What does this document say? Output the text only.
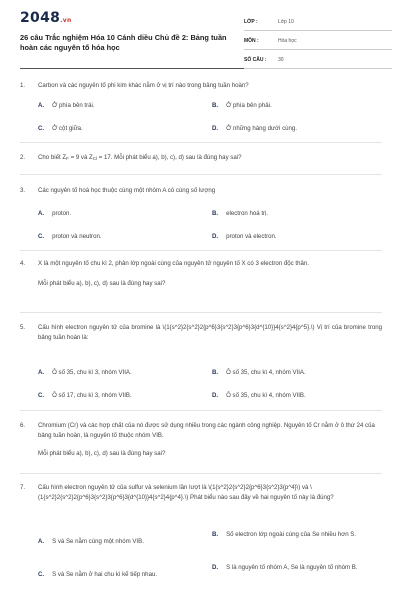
2048.vn
26 câu Trắc nghiệm Hóa 10 Cánh diều Chủ đề 2: Bảng tuần hoàn các nguyên tố hóa học
LỚP :	Lớp 10
MÔN :	Hóa học
SỐ CÂU :	30
1. Carbon và các nguyên tố phi kim khác nằm ở vị trí nào trong bảng tuần hoàn?
A. Ở phía bên trái.	B. Ở phía bên phải.
C. Ở cột giữa.	D. Ở những hàng dưới cùng.
2. Cho biết $Z_F = 9$ và $Z_{Cl} = 17$. Mỗi phát biểu a), b), c), d) sau là đúng hay sai?
3. Các nguyên tố hoá học thuộc cùng một nhóm A có cùng số lượng
A. proton.	B. electron hoá trị.
C. proton và neutron.	D. proton và electron.
4. X là một nguyên tố chu kì 2, phân lớp ngoài cùng của nguyên tử nguyên tố X có 3 electron độc thân.
Mỗi phát biểu a), b), c), d) sau là đúng hay sai?
5. Cấu hình electron nguyên tử của bromine là \(1{s^2}2{s^2}2{p^6}3{s^2}3{p^6}3{d^{10}}4{s^2}4{p^5}.\) Vị trí của bromine trong bảng tuần hoàn là:
A. Ô số 35, chu kì 3, nhóm VIIA.	B. Ô số 35, chu kì 4, nhóm VIIA.
C. Ô số 17, chu kì 3, nhóm VIIB.	D. Ô số 35, chu kì 4, nhóm VIIB.
6. Chromium (Cr) và các hợp chất của nó được sử dụng nhiều trong các ngành công nghiệp. Nguyên tố Cr nằm ở ô thứ 24 của bảng tuần hoàn, là nguyên tố thuộc nhóm VIB.
Mỗi phát biểu a), b), c), d) sau là đúng hay sai?
7. Cấu hình electron nguyên tử của sulfur và selenium lần lượt là \(1{s^2}2{s^2}2{p^6}3{s^2}3{p^4}\) và \(1{s^2}2{s^2}2{p^6}3{s^2}3{p^6}3{d^{10}}4{s^2}4{p^4}.\) Phát biểu nào sau đây về hai nguyên tố này là đúng?
A. S và Se nằm cùng một nhóm VIB.
B. Số electron lớp ngoài cùng của Se nhiều hơn S.
C. S và Se nằm ở hai chu kì kế tiếp nhau.
D. S là nguyên tố nhóm A, Se là nguyên tố nhóm B.
